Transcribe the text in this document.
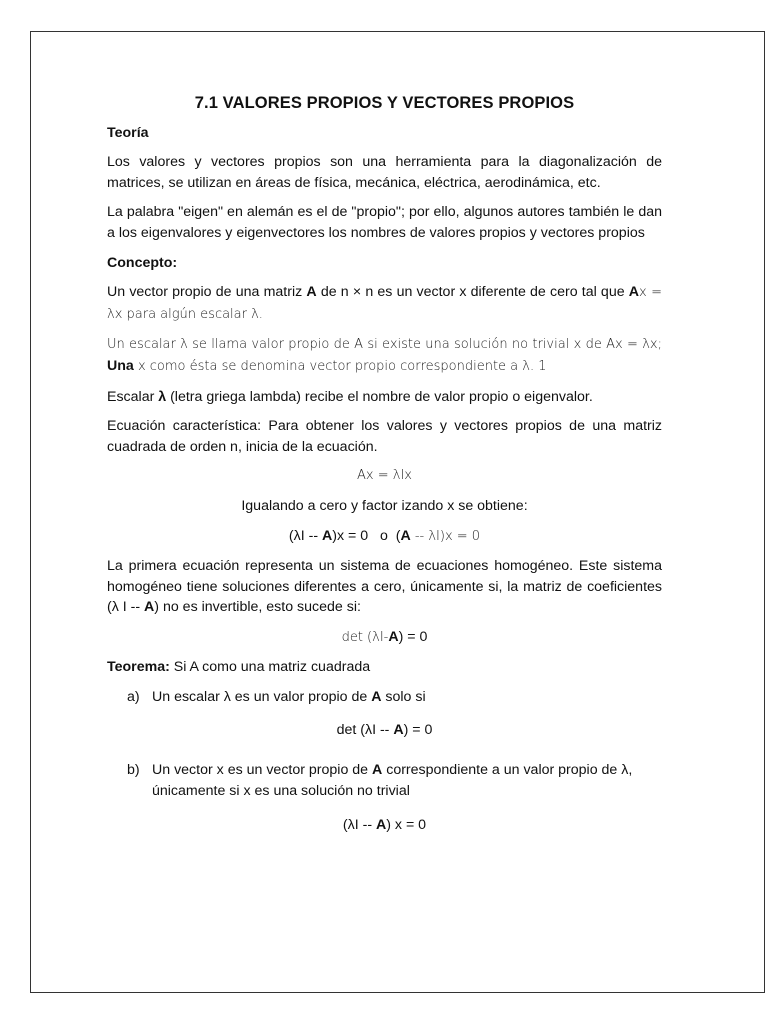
7.1 VALORES PROPIOS Y VECTORES PROPIOS
Teoría

Los valores y vectores propios son una herramienta para la diagonalización de matrices, se utilizan en áreas de física, mecánica, eléctrica, aerodinámica, etc.

La palabra "eigen" en alemán es el de "propio"; por ello, algunos autores también le dan a los eigenvalores y eigenvectores los nombres de valores propios y vectores propios

Concepto:

Un vector propio de una matriz A de n × n es un vector x diferente de cero tal que Ax = λx para algún escalar λ.

Un escalar λ se llama valor propio de A si existe una solución no trivial x de Ax = λx; Una x como ésta se denomina vector propio correspondiente a λ. 1

Escalar λ (letra griega lambda) recibe el nombre de valor propio o eigenvalor.

Ecuación característica: Para obtener los valores y vectores propios de una matriz cuadrada de orden n, inicia de la ecuación.

Ax = λIx
Igualando a cero y factor izando x se obtiene:
(λI -- A)x = 0   o  (A -- λI)x = 0

La primera ecuación representa un sistema de ecuaciones homogéneo. Este sistema homogéneo tiene soluciones diferentes a cero, únicamente si, la matriz de coeficientes (λ I -- A) no es invertible, esto sucede si:

det (λI-A) = 0

Teorema: Si A como una matriz cuadrada

a) Un escalar λ es un valor propio de A solo si
det (λI -- A) = 0
b) Un vector x es un vector propio de A correspondiente a un valor propio de λ, únicamente si x es una solución no trivial
(λI -- A) x = 0
